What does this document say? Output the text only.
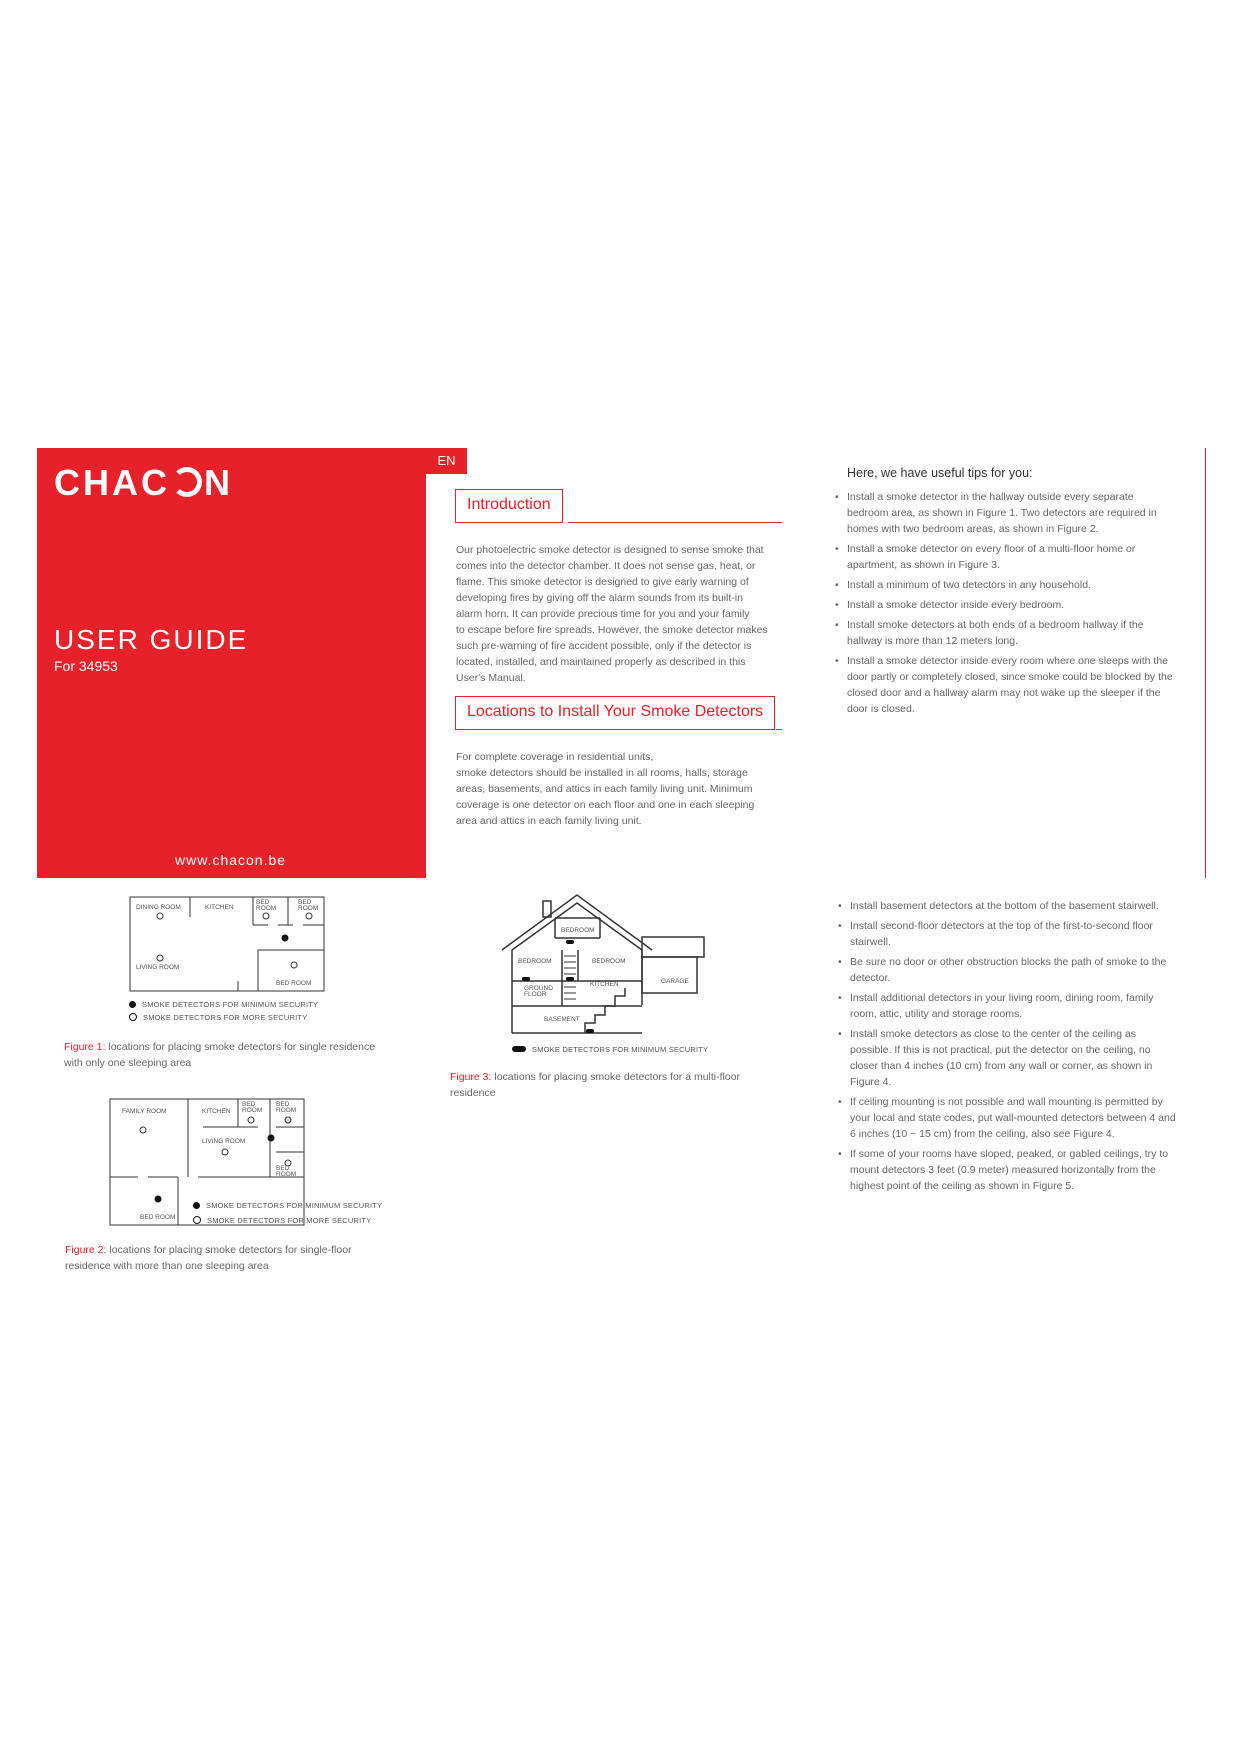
CHAC N
USER GUIDE
For 34953
www.chacon.be
EN
Introduction
Our photoelectric smoke detector is designed to sense smoke that
comes into the detector chamber. It does not sense gas, heat, or
flame. This smoke detector is designed to give early warning of
developing fires by giving off the alarm sounds from its built-in
alarm horn. It can provide precious time for you and your family
to escape before fire spreads. However, the smoke detector makes
such pre-warning of fire accident possible, only if the detector is
located, installed, and maintained properly as described in this
User's Manual.
Locations to Install Your Smoke Detectors
For complete coverage in residential units,
smoke detectors should be installed in all rooms, halls, storage
areas, basements, and attics in each family living unit. Minimum
coverage is one detector on each floor and one in each sleeping
area and attics in each family living unit.
Here, we have useful tips for you:
• Install a smoke detector in the hallway outside every separate bedroom area, as shown in Figure 1. Two detectors are required in homes with two bedroom areas, as shown in Figure 2.
• Install a smoke detector on every floor of a multi-floor home or apartment, as shown in Figure 3.
• Install a minimum of two detectors in any household.
• Install a smoke detector inside every bedroom.
• Install smoke detectors at both ends of a bedroom hallway if the hallway is more than 12 meters long.
• Install a smoke detector inside every room where one sleeps with the door partly or completely closed, since smoke could be blocked by the closed door and a hallway alarm may not wake up the sleeper if the door is closed.
• Install basement detectors at the bottom of the basement stairwell.
• Install second-floor detectors at the top of the first-to-second floor stairwell.
• Be sure no door or other obstruction blocks the path of smoke to the detector.
• Install additional detectors in your living room, dining room, family room, attic, utility and storage rooms.
• Install smoke detectors as close to the center of the ceiling as possible. If this is not practical, put the detector on the ceiling, no closer than 4 inches (10 cm) from any wall or corner, as shown in Figure 4.
• If ceiling mounting is not possible and wall mounting is permitted by your local and state codes, put wall-mounted detectors between 4 and 6 inches (10 ~ 15 cm) from the ceiling, also see Figure 4.
• If some of your rooms have sloped, peaked, or gabled ceilings, try to mount detectors 3 feet (0.9 meter) measured horizontally from the highest point of the ceiling as shown in Figure 5.
DINING ROOM	KITCHEN
BED
ROOM
BED
ROOM
LIVING ROOM
BED ROOM
SMOKE DETECTORS FOR MINIMUM SECURITY
SMOKE DETECTORS FOR MORE SECURITY
Figure 1: locations for placing smoke detectors for single residence
with only one sleeping area
FAMILY ROOM	KITCHEN
BED
ROOM
BED
ROOM
LIVING ROOM
BED
ROOM
BED ROOM
SMOKE DETECTORS FOR MINIMUM SECURITY
SMOKE DETECTORS FOR MORE SECURITY
Figure 2: locations for placing smoke detectors for single-floor
residence with more than one sleeping area
BEDROOM
BEDROOM	BEDROOM
KITCHEN
GROUND
FLOOR
GARAGE
BASEMENT
SMOKE DETECTORS FOR MINIMUM SECURITY
Figure 3: locations for placing smoke detectors for a multi-floor
residence
